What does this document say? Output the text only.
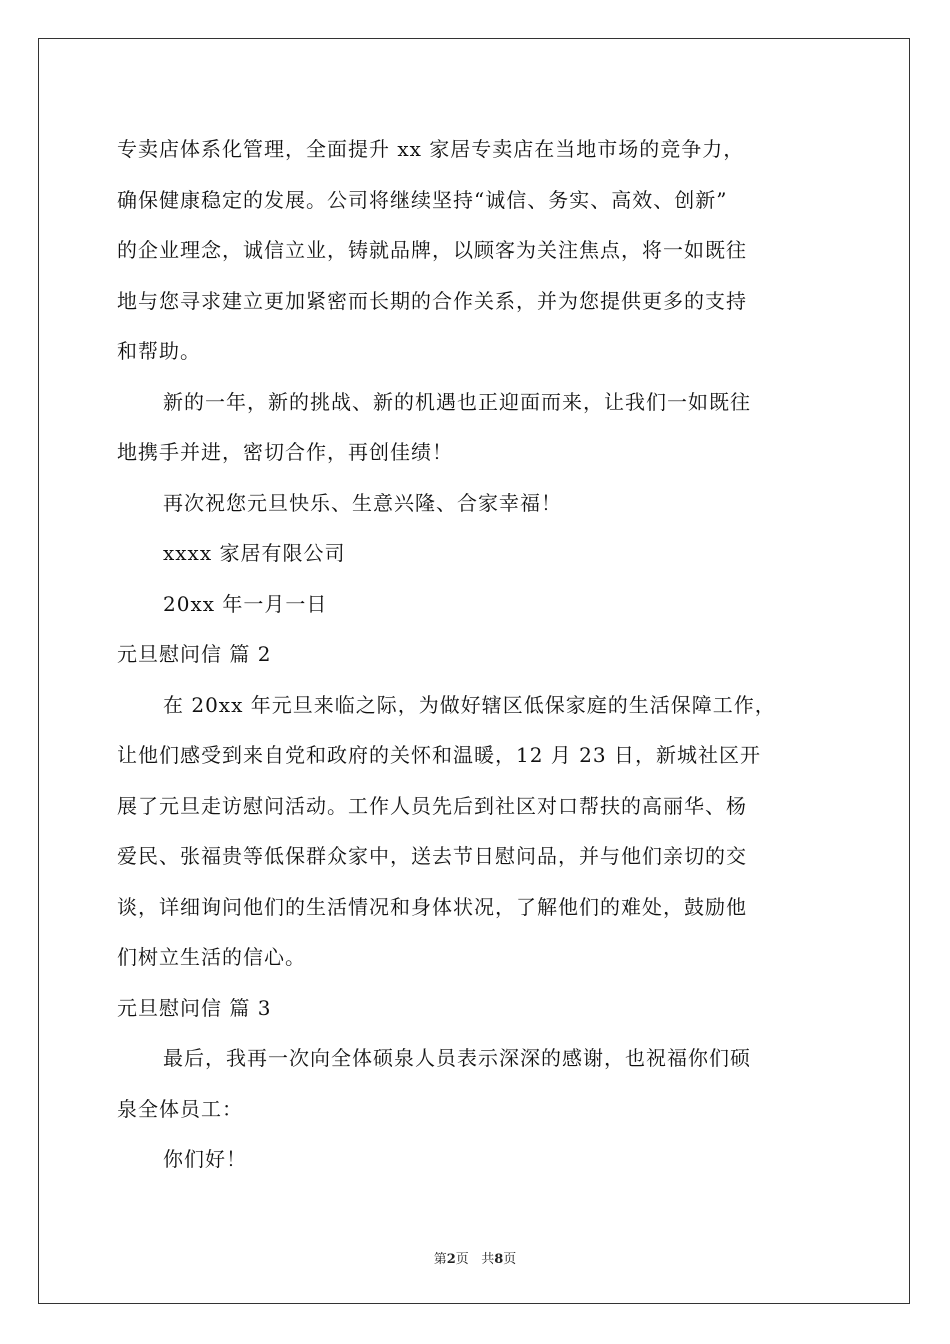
专卖店体系化管理，全面提升 xx 家居专卖店在当地市场的竞争力，
确保健康稳定的发展。公司将继续坚持“诚信、务实、高效、创新”
的企业理念，诚信立业，铸就品牌，以顾客为关注焦点，将一如既往
地与您寻求建立更加紧密而长期的合作关系，并为您提供更多的支持
和帮助。
新的一年，新的挑战、新的机遇也正迎面而来，让我们一如既往
地携手并进，密切合作，再创佳绩！
再次祝您元旦快乐、生意兴隆、合家幸福！
xxxx 家居有限公司
20xx 年一月一日
元旦慰问信 篇 2
在 20xx 年元旦来临之际，为做好辖区低保家庭的生活保障工作，
让他们感受到来自党和政府的关怀和温暖，12 月 23 日，新城社区开
展了元旦走访慰问活动。工作人员先后到社区对口帮扶的高丽华、杨
爱民、张福贵等低保群众家中，送去节日慰问品，并与他们亲切的交
谈，详细询问他们的生活情况和身体状况，了解他们的难处，鼓励他
们树立生活的信心。
元旦慰问信 篇 3
最后，我再一次向全体硕泉人员表示深深的感谢，也祝福你们硕
泉全体员工：
你们好！
第2页 共8页
